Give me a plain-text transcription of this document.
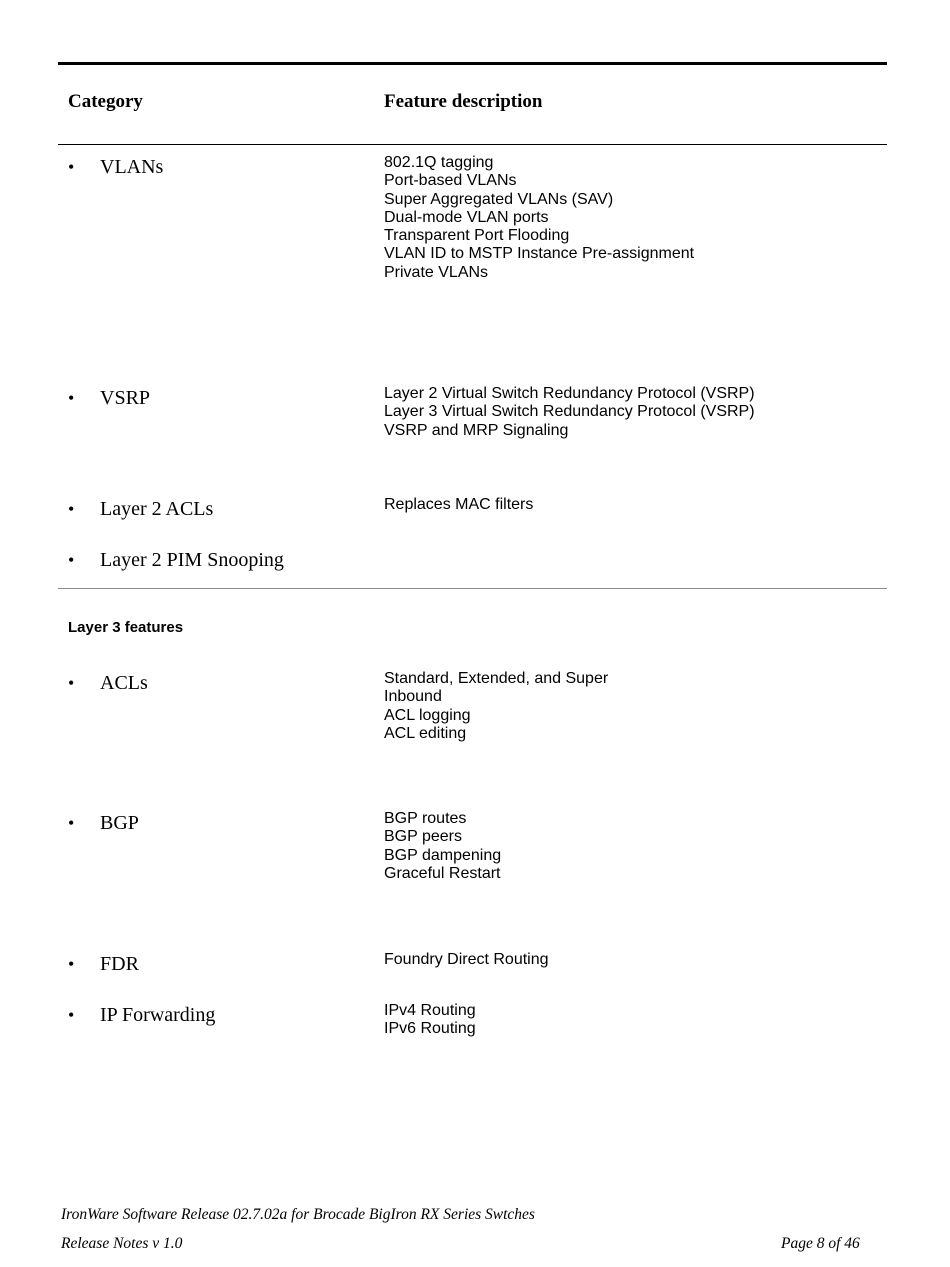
Category	Feature description
• VLANs	802.1Q tagging
Port-based VLANs
Super Aggregated VLANs (SAV)
Dual-mode VLAN ports
Transparent Port Flooding
VLAN ID to MSTP Instance Pre-assignment
Private VLANs
• VSRP	Layer 2 Virtual Switch Redundancy Protocol (VSRP)
Layer 3 Virtual Switch Redundancy Protocol (VSRP)
VSRP and MRP Signaling
• Layer 2 ACLs	Replaces MAC filters
• Layer 2 PIM Snooping
Layer 3 features
• ACLs	Standard, Extended, and Super
Inbound
ACL logging
ACL editing
• BGP	BGP routes
BGP peers
BGP dampening
Graceful Restart
• FDR	Foundry Direct Routing
• IP Forwarding	IPv4 Routing
IPv6 Routing
IronWare Software Release 02.7.02a for Brocade BigIron RX Series Swtches
Release Notes v 1.0	Page 8 of 46
